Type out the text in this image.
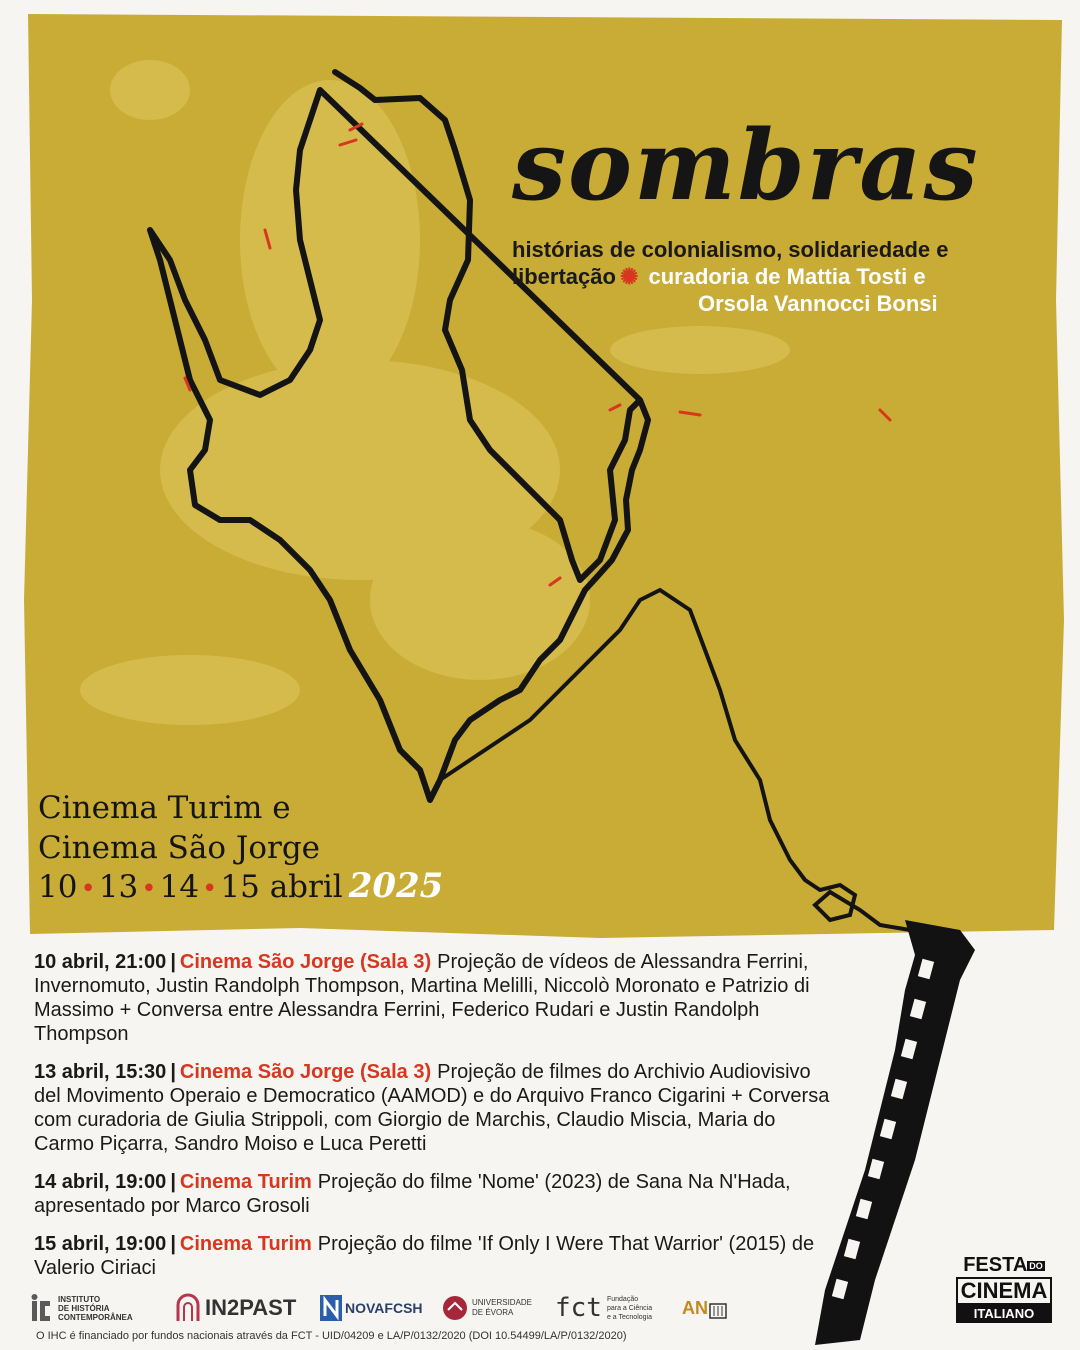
sombras
histórias de colonialismo, solidariedade e
libertação ✺ curadoria de Mattia Tosti e
Orsola Vannocci Bonsi
Cinema Turim e
Cinema São Jorge
10 •13 •14 •15 abril 2025
10 abril, 21:00 | Cinema São Jorge (Sala 3) Projeção de vídeos de Alessandra Ferrini, Invernomuto, Justin Randolph Thompson, Martina Melilli, Niccolò Moronato e Patrizio di Massimo + Conversa entre Alessandra Ferrini, Federico Rudari e Justin Randolph Thompson
13 abril, 15:30 | Cinema São Jorge (Sala 3) Projeção de filmes do Archivio Audiovisivo del Movimento Operaio e Democratico (AAMOD) e do Arquivo Franco Cigarini + Corversa com curadoria de Giulia Strippoli, com Giorgio de Marchis, Claudio Miscia, Maria do Carmo Piçarra, Sandro Moiso e Luca Peretti
14 abril, 19:00 | Cinema Turim Projeção do filme 'Nome' (2023) de Sana Na N'Hada, apresentado por Marco Grosoli
15 abril, 19:00 | Cinema Turim Projeção do filme 'If Only I Were That Warrior' (2015) de Valerio Ciriaci
INSTITUTO
DE HISTÓRIA
CONTEMPORÂNEA	IN2PAST	NOVAFCSH	UNIVERSIDADE
DE ÉVORA	fct Fundação
para a Ciência
e a Tecnologia AN
O IHC é financiado por fundos nacionais através da FCT - UID/04209 e LA/P/0132/2020 (DOI 10.54499/LA/P/0132/2020)
FESTA DO
CINEMA
ITALIANO
